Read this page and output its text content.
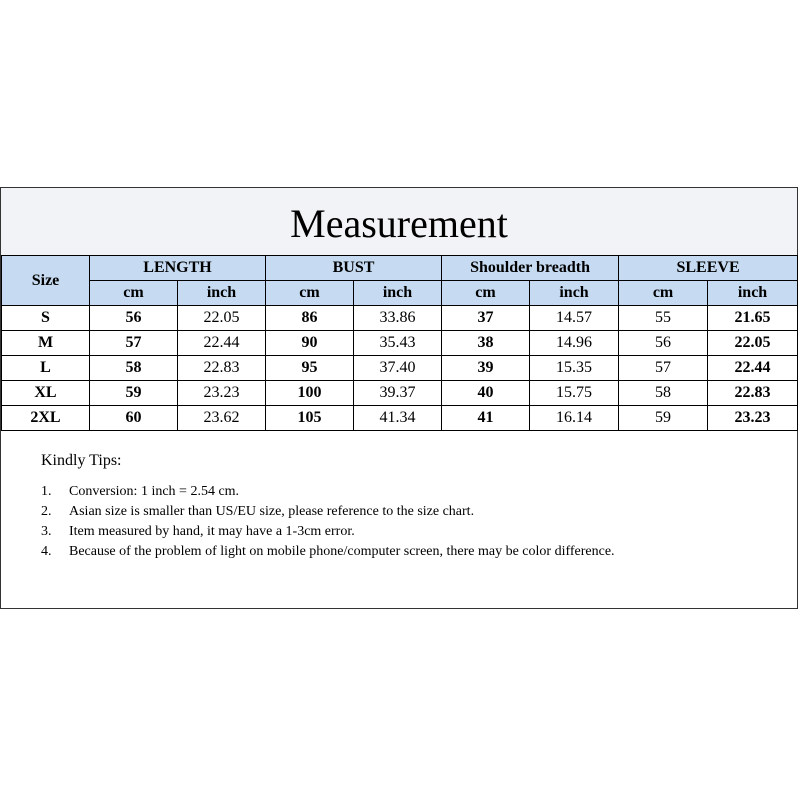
Measurement
Size	LENGTH		BUST		Shoulder breadth		SLEEVE	
	cm	inch	cm	inch	cm	inch	cm	inch
S	56	22.05	86	33.86	37	14.57	55	21.65
M	57	22.44	90	35.43	38	14.96	56	22.05
L	58	22.83	95	37.40	39	15.35	57	22.44
XL	59	23.23	100	39.37	40	15.75	58	22.83
2XL	60	23.62	105	41.34	41	16.14	59	23.23
Kindly Tips:
1. Conversion: 1 inch = 2.54 cm.
2. Asian size is smaller than US/EU size, please reference to the size chart.
3. Item measured by hand, it may have a 1-3cm error.
4. Because of the problem of light on mobile phone/computer screen, there may be color difference.
